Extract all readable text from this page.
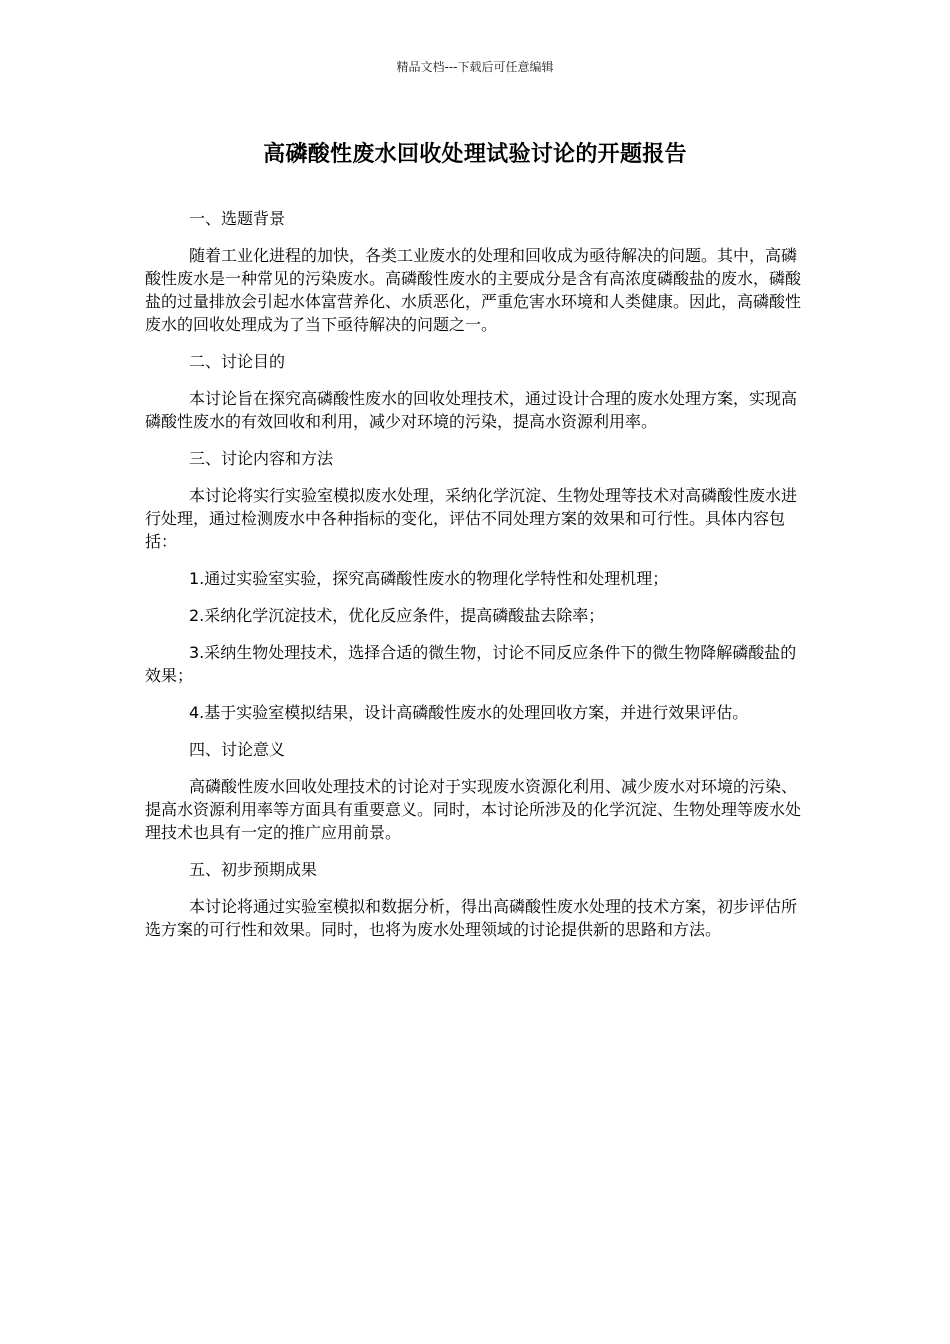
精品文档---下载后可任意编辑
高磷酸性废水回收处理试验讨论的开题报告

一、选题背景

随着工业化进程的加快，各类工业废水的处理和回收成为亟待解决的问题。其中，高磷酸性废水是一种常见的污染废水。高磷酸性废水的主要成分是含有高浓度磷酸盐的废水，磷酸盐的过量排放会引起水体富营养化、水质恶化，严重危害水环境和人类健康。因此，高磷酸性废水的回收处理成为了当下亟待解决的问题之一。

二、讨论目的

本讨论旨在探究高磷酸性废水的回收处理技术，通过设计合理的废水处理方案，实现高磷酸性废水的有效回收和利用，减少对环境的污染，提高水资源利用率。

三、讨论内容和方法

本讨论将实行实验室模拟废水处理，采纳化学沉淀、生物处理等技术对高磷酸性废水进行处理，通过检测废水中各种指标的变化，评估不同处理方案的效果和可行性。具体内容包括：

1.通过实验室实验，探究高磷酸性废水的物理化学特性和处理机理；

2.采纳化学沉淀技术，优化反应条件，提高磷酸盐去除率；

3.采纳生物处理技术，选择合适的微生物，讨论不同反应条件下的微生物降解磷酸盐的效果；

4.基于实验室模拟结果，设计高磷酸性废水的处理回收方案，并进行效果评估。

四、讨论意义

高磷酸性废水回收处理技术的讨论对于实现废水资源化利用、减少废水对环境的污染、提高水资源利用率等方面具有重要意义。同时，本讨论所涉及的化学沉淀、生物处理等废水处理技术也具有一定的推广应用前景。

五、初步预期成果

本讨论将通过实验室模拟和数据分析，得出高磷酸性废水处理的技术方案，初步评估所选方案的可行性和效果。同时，也将为废水处理领域的讨论提供新的思路和方法。
